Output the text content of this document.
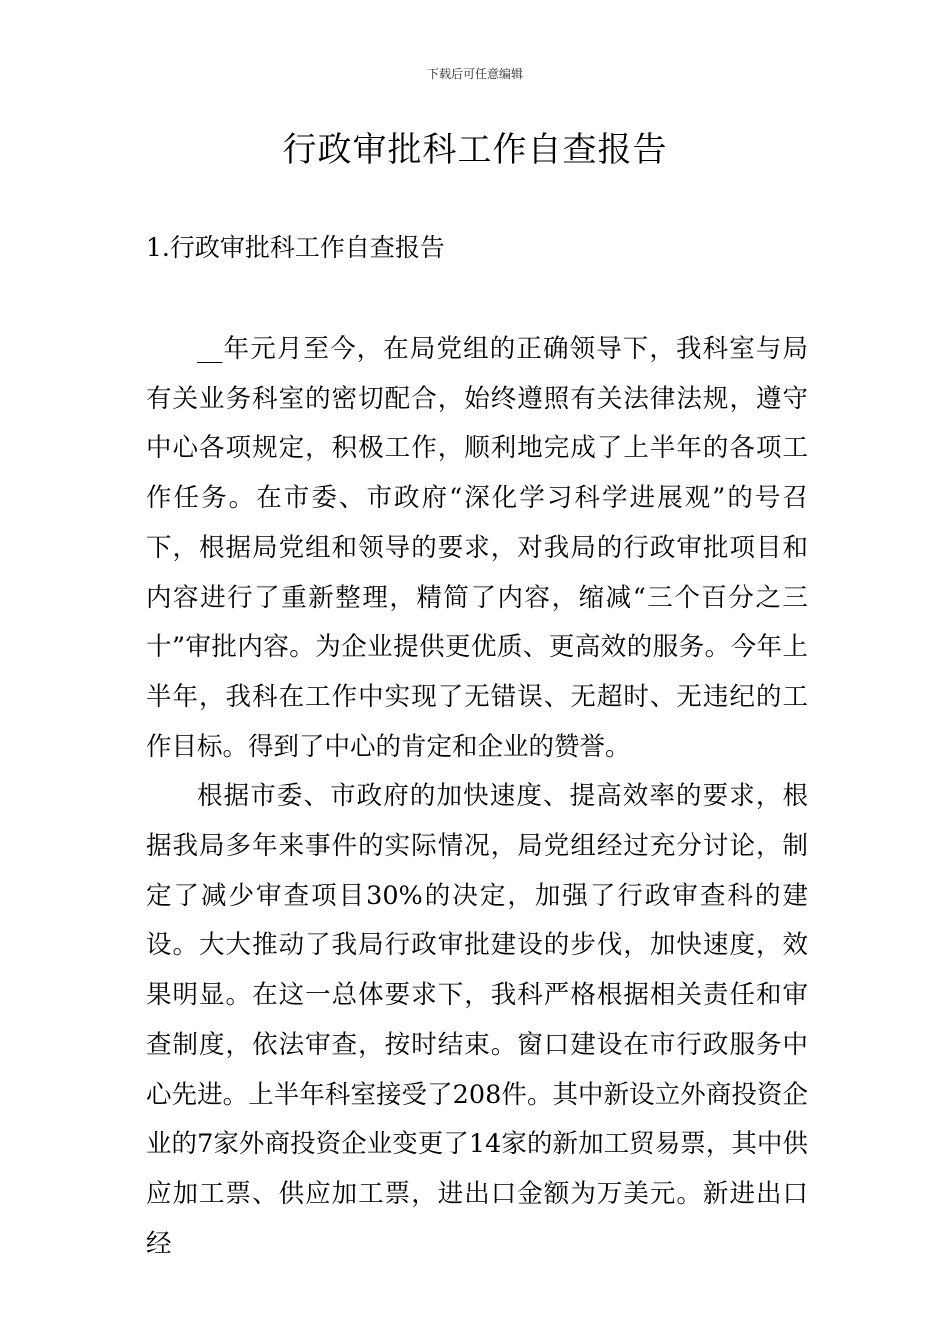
下载后可任意编辑
行政审批科工作自查报告
1.行政审批科工作自查报告

__年元月至今，在局党组的正确领导下，我科室与局有关业务科室的密切配合，始终遵照有关法律法规，遵守中心各项规定，积极工作，顺利地完成了上半年的各项工作任务。在市委、市政府“深化学习科学进展观”的号召下，根据局党组和领导的要求，对我局的行政审批项目和内容进行了重新整理，精简了内容，缩减“三个百分之三十”审批内容。为企业提供更优质、更高效的服务。今年上半年，我科在工作中实现了无错误、无超时、无违纪的工作目标。得到了中心的肯定和企业的赞誉。

根据市委、市政府的加快速度、提高效率的要求，根据我局多年来事件的实际情况，局党组经过充分讨论，制定了减少审查项目30%的决定，加强了行政审查科的建设。大大推动了我局行政审批建设的步伐，加快速度，效果明显。在这一总体要求下，我科严格根据相关责任和审查制度，依法审查，按时结束。窗口建设在市行政服务中心先进。上半年科室接受了208件。其中新设立外商投资企业的7家外商投资企业变更了14家的新加工贸易票，其中供应加工票、供应加工票，进出口金额为万美元。新进出口经
